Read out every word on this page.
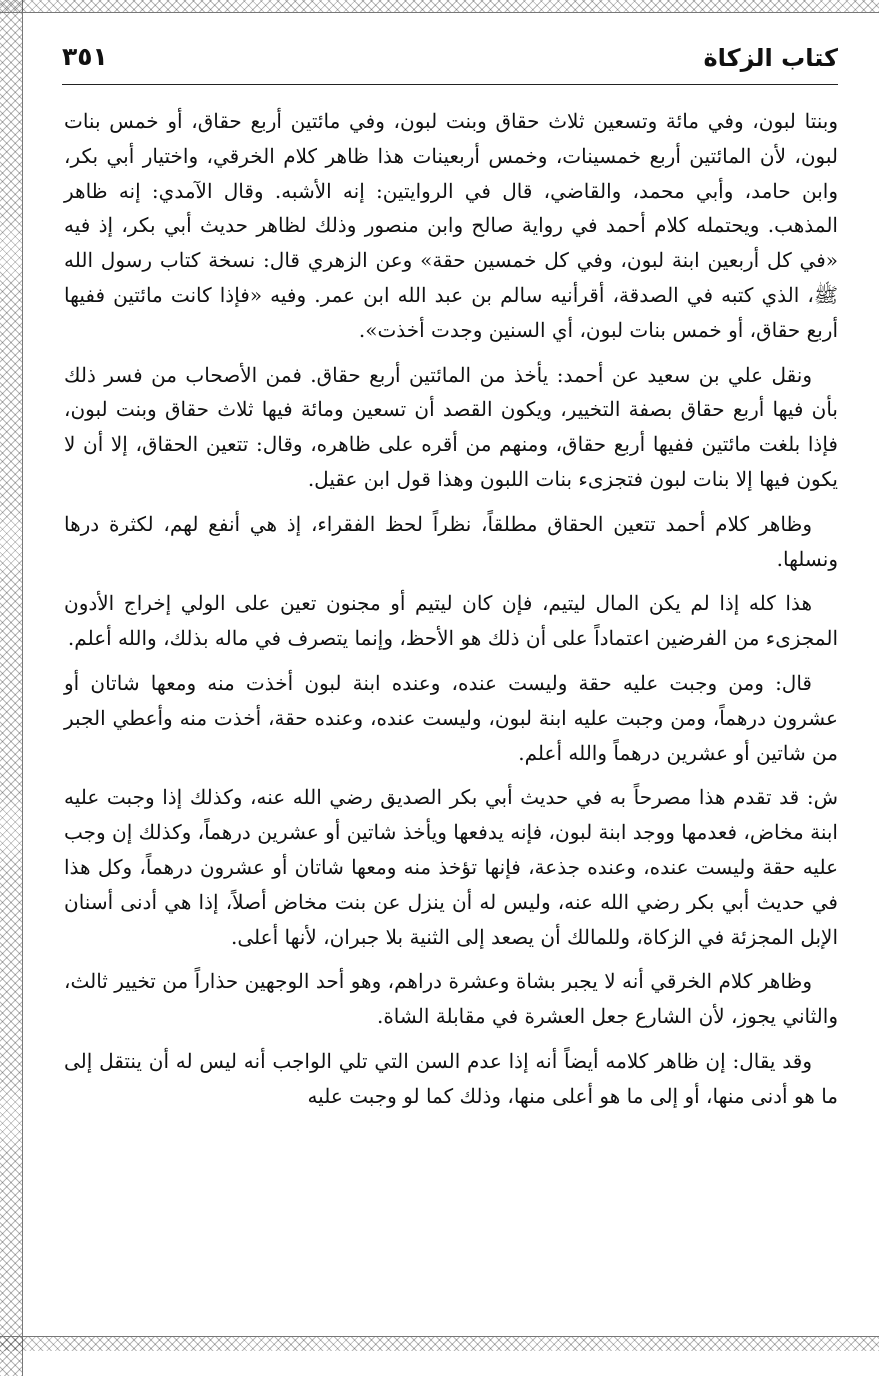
كتاب الزكاة
٣٥١

وبنتا لبون، وفي مائة وتسعين ثلاث حقاق وبنت لبون، وفي مائتين أربع حقاق، أو خمس بنات لبون، لأن المائتين أربع خمسينات، وخمس أربعينات هذا ظاهر كلام الخرقي، واختيار أبي بكر، وابن حامد، وأبي محمد، والقاضي، قال في الروايتين: إنه الأشبه. وقال الآمدي: إنه ظاهر المذهب. ويحتمله كلام أحمد في رواية صالح وابن منصور وذلك لظاهر حديث أبي بكر، إذ فيه «في كل أربعين ابنة لبون، وفي كل خمسين حقة» وعن الزهري قال: نسخة كتاب رسول الله ﷺ، الذي كتبه في الصدقة، أقرأنيه سالم بن عبد الله ابن عمر. وفيه «فإذا كانت مائتين ففيها أربع حقاق، أو خمس بنات لبون، أي السنين وجدت أخذت».

ونقل علي بن سعيد عن أحمد: يأخذ من المائتين أربع حقاق. فمن الأصحاب من فسر ذلك بأن فيها أربع حقاق بصفة التخيير، ويكون القصد أن تسعين ومائة فيها ثلاث حقاق وبنت لبون، فإذا بلغت مائتين ففيها أربع حقاق، ومنهم من أقره على ظاهره، وقال: تتعين الحقاق، إلا أن لا يكون فيها إلا بنات لبون فتجزىء بنات اللبون وهذا قول ابن عقيل.

وظاهر كلام أحمد تتعين الحقاق مطلقاً، نظراً لحظ الفقراء، إذ هي أنفع لهم، لكثرة درها ونسلها.

هذا كله إذا لم يكن المال ليتيم، فإن كان ليتيم أو مجنون تعين على الولي إخراج الأدون المجزىء من الفرضين اعتماداً على أن ذلك هو الأحظ، وإنما يتصرف في ماله بذلك، والله أعلم.

قال: ومن وجبت عليه حقة وليست عنده، وعنده ابنة لبون أخذت منه ومعها شاتان أو عشرون درهماً، ومن وجبت عليه ابنة لبون، وليست عنده، وعنده حقة، أخذت منه وأعطي الجبر من شاتين أو عشرين درهماً والله أعلم.

ش: قد تقدم هذا مصرحاً به في حديث أبي بكر الصديق رضي الله عنه، وكذلك إذا وجبت عليه ابنة مخاض، فعدمها ووجد ابنة لبون، فإنه يدفعها ويأخذ شاتين أو عشرين درهماً، وكذلك إن وجب عليه حقة وليست عنده، وعنده جذعة، فإنها تؤخذ منه ومعها شاتان أو عشرون درهماً، وكل هذا في حديث أبي بكر رضي الله عنه، وليس له أن ينزل عن بنت مخاض أصلاً، إذا هي أدنى أسنان الإبل المجزئة في الزكاة، وللمالك أن يصعد إلى الثنية بلا جبران، لأنها أعلى.

وظاهر كلام الخرقي أنه لا يجبر بشاة وعشرة دراهم، وهو أحد الوجهين حذاراً من تخيير ثالث، والثاني يجوز، لأن الشارع جعل العشرة في مقابلة الشاة.

وقد يقال: إن ظاهر كلامه أيضاً أنه إذا عدم السن التي تلي الواجب أنه ليس له أن ينتقل إلى ما هو أدنى منها، أو إلى ما هو أعلى منها، وذلك كما لو وجبت عليه
